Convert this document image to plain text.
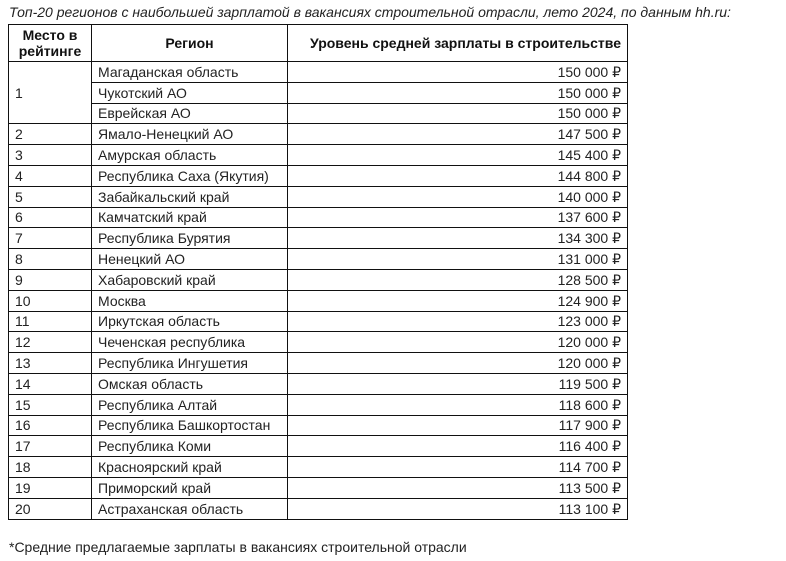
Топ-20 регионов с наибольшей зарплатой в вакансиях строительной отрасли, лето 2024, по данным hh.ru:
Место в
рейтинге	Регион	Уровень средней зарплаты в строительстве
1	Магаданская область	150 000 ₽
	Чукотский АО	150 000 ₽
	Еврейская АО	150 000 ₽
2	Ямало-Ненецкий АО	147 500 ₽
3	Амурская область	145 400 ₽
4	Республика Саха (Якутия)	144 800 ₽
5	Забайкальский край	140 000 ₽
6	Камчатский край	137 600 ₽
7	Республика Бурятия	134 300 ₽
8	Ненецкий АО	131 000 ₽
9	Хабаровский край	128 500 ₽
10	Москва	124 900 ₽
11	Иркутская область	123 000 ₽
12	Чеченская республика	120 000 ₽
13	Республика Ингушетия	120 000 ₽
14	Омская область	119 500 ₽
15	Республика Алтай	118 600 ₽
16	Республика Башкортостан	117 900 ₽
17	Республика Коми	116 400 ₽
18	Красноярский край	114 700 ₽
19	Приморский край	113 500 ₽
20	Астраханская область	113 100 ₽
*Средние предлагаемые зарплаты в вакансиях строительной отрасли
